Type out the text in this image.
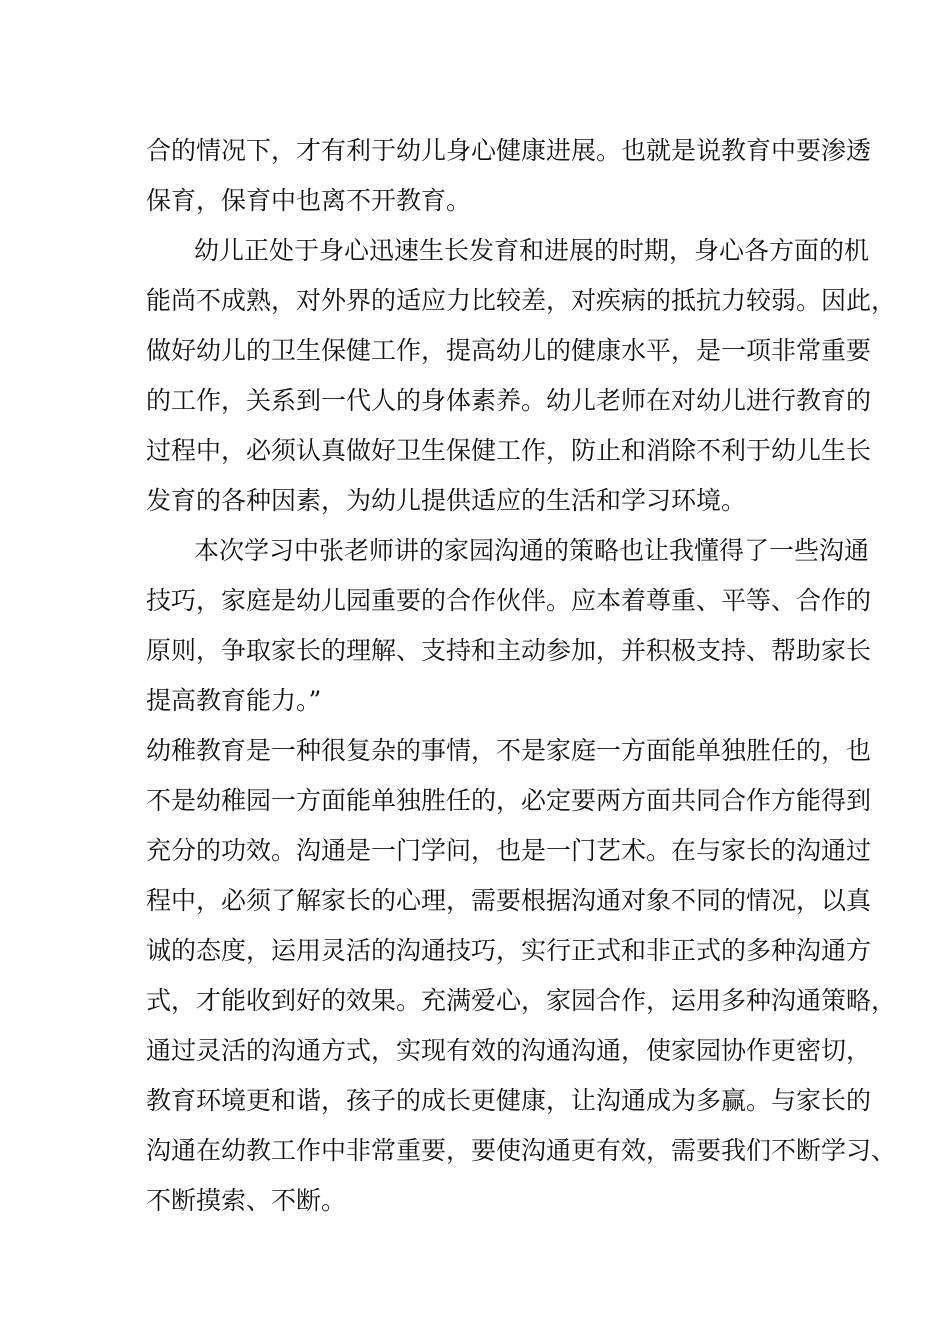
合的情况下，才有利于幼儿身心健康进展。也就是说教育中要渗透
保育，保育中也离不开教育。
幼儿正处于身心迅速生长发育和进展的时期，身心各方面的机
能尚不成熟，对外界的适应力比较差，对疾病的抵抗力较弱。因此，
做好幼儿的卫生保健工作，提高幼儿的健康水平，是一项非常重要
的工作，关系到一代人的身体素养。幼儿老师在对幼儿进行教育的
过程中，必须认真做好卫生保健工作，防止和消除不利于幼儿生长
发育的各种因素，为幼儿提供适应的生活和学习环境。
本次学习中张老师讲的家园沟通的策略也让我懂得了一些沟通
技巧，家庭是幼儿园重要的合作伙伴。应本着尊重、平等、合作的
原则，争取家长的理解、支持和主动参加，并积极支持、帮助家长
提高教育能力。”
幼稚教育是一种很复杂的事情，不是家庭一方面能单独胜任的，也
不是幼稚园一方面能单独胜任的，必定要两方面共同合作方能得到
充分的功效。沟通是一门学问，也是一门艺术。在与家长的沟通过
程中，必须了解家长的心理，需要根据沟通对象不同的情况，以真
诚的态度，运用灵活的沟通技巧，实行正式和非正式的多种沟通方
式，才能收到好的效果。充满爱心，家园合作，运用多种沟通策略，
通过灵活的沟通方式，实现有效的沟通沟通，使家园协作更密切，
教育环境更和谐，孩子的成长更健康，让沟通成为多赢。与家长的
沟通在幼教工作中非常重要，要使沟通更有效，需要我们不断学习、
不断摸索、不断。
